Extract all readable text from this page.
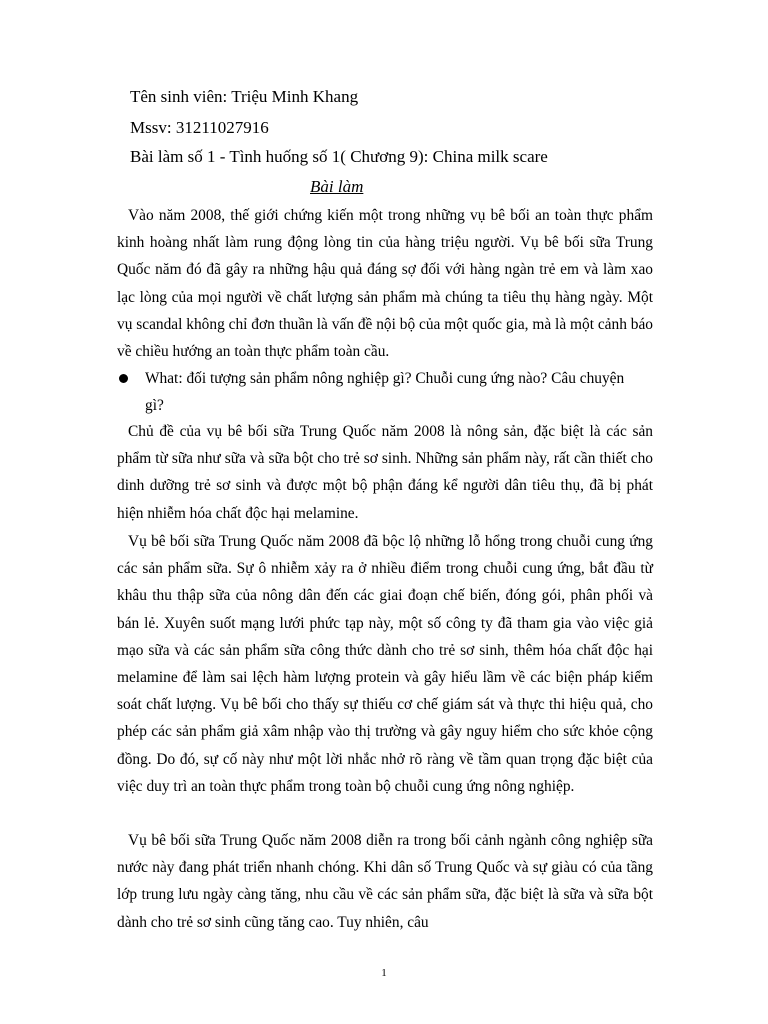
Tên sinh viên: Triệu Minh Khang
Mssv: 31211027916
Bài làm số 1 - Tình huống số 1( Chương 9): China milk scare
Bài làm

Vào năm 2008, thế giới chứng kiến một trong những vụ bê bối an toàn thực phẩm kinh hoàng nhất làm rung động lòng tin của hàng triệu người. Vụ bê bối sữa Trung Quốc năm đó đã gây ra những hậu quả đáng sợ đối với hàng ngàn trẻ em và làm xao lạc lòng của mọi người về chất lượng sản phẩm mà chúng ta tiêu thụ hàng ngày. Một vụ scandal không chỉ đơn thuần là vấn đề nội bộ của một quốc gia, mà là một cảnh báo về chiều hướng an toàn thực phẩm toàn cầu.

What: đối tượng sản phẩm nông nghiệp gì? Chuỗi cung ứng nào? Câu chuyện gì?

Chủ đề của vụ bê bối sữa Trung Quốc năm 2008 là nông sản, đặc biệt là các sản phẩm từ sữa như sữa và sữa bột cho trẻ sơ sinh. Những sản phẩm này, rất cần thiết cho dinh dưỡng trẻ sơ sinh và được một bộ phận đáng kể người dân tiêu thụ, đã bị phát hiện nhiễm hóa chất độc hại melamine.

Vụ bê bối sữa Trung Quốc năm 2008 đã bộc lộ những lỗ hổng trong chuỗi cung ứng các sản phẩm sữa. Sự ô nhiễm xảy ra ở nhiều điểm trong chuỗi cung ứng, bắt đầu từ khâu thu thập sữa của nông dân đến các giai đoạn chế biến, đóng gói, phân phối và bán lẻ. Xuyên suốt mạng lưới phức tạp này, một số công ty đã tham gia vào việc giả mạo sữa và các sản phẩm sữa công thức dành cho trẻ sơ sinh, thêm hóa chất độc hại melamine để làm sai lệch hàm lượng protein và gây hiểu lầm về các biện pháp kiểm soát chất lượng. Vụ bê bối cho thấy sự thiếu cơ chế giám sát và thực thi hiệu quả, cho phép các sản phẩm giả xâm nhập vào thị trường và gây nguy hiểm cho sức khỏe cộng đồng. Do đó, sự cố này như một lời nhắc nhở rõ ràng về tầm quan trọng đặc biệt của việc duy trì an toàn thực phẩm trong toàn bộ chuỗi cung ứng nông nghiệp.

Vụ bê bối sữa Trung Quốc năm 2008 diễn ra trong bối cảnh ngành công nghiệp sữa nước này đang phát triển nhanh chóng. Khi dân số Trung Quốc và sự giàu có của tầng lớp trung lưu ngày càng tăng, nhu cầu về các sản phẩm sữa, đặc biệt là sữa và sữa bột dành cho trẻ sơ sinh cũng tăng cao. Tuy nhiên, câu

1
